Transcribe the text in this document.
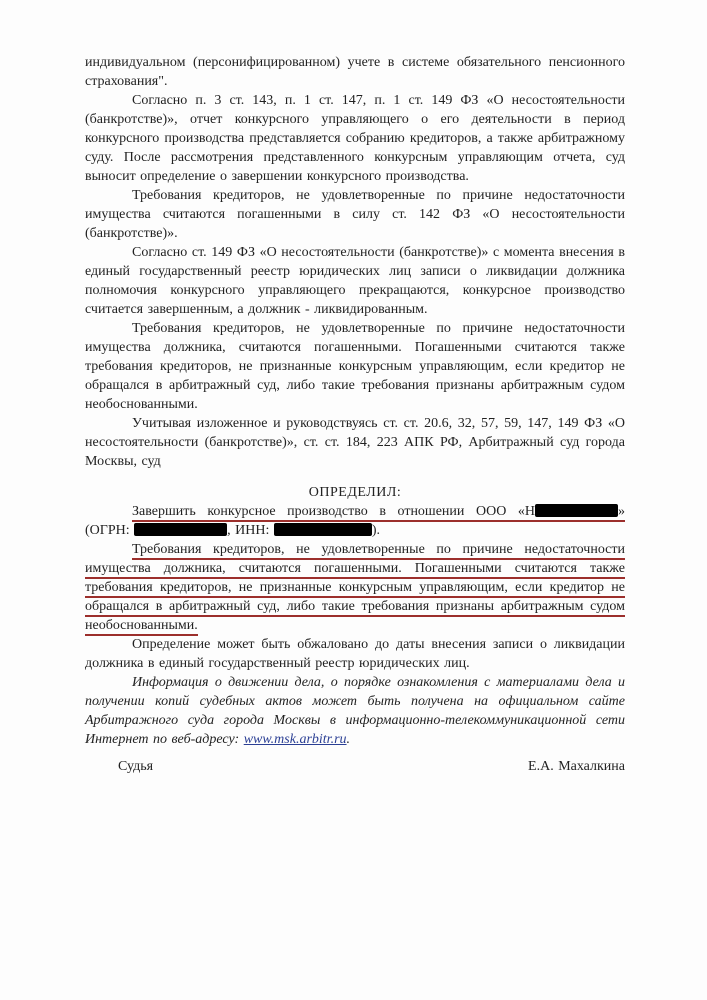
индивидуальном (персонифицированном) учете в системе обязательного пенсионного страхования".

Согласно п. 3 ст. 143, п. 1 ст. 147, п. 1 ст. 149 ФЗ «О несостоятельности (банкротстве)», отчет конкурсного управляющего о его деятельности в период конкурсного производства представляется собранию кредиторов, а также арбитражному суду. После рассмотрения представленного конкурсным управляющим отчета, суд выносит определение о завершении конкурсного производства.

Требования кредиторов, не удовлетворенные по причине недостаточности имущества считаются погашенными в силу ст. 142 ФЗ «О несостоятельности (банкротстве)».

Согласно ст. 149 ФЗ «О несостоятельности (банкротстве)» с момента внесения в единый государственный реестр юридических лиц записи о ликвидации должника полномочия конкурсного управляющего прекращаются, конкурсное производство считается завершенным, а должник - ликвидированным.

Требования кредиторов, не удовлетворенные по причине недостаточности имущества должника, считаются погашенными. Погашенными считаются также требования кредиторов, не признанные конкурсным управляющим, если кредитор не обращался в арбитражный суд, либо такие требования признаны арбитражным судом необоснованными.

Учитывая изложенное и руководствуясь ст. ст. 20.6, 32, 57, 59, 147, 149 ФЗ «О несостоятельности (банкротстве)», ст. ст. 184, 223 АПК РФ, Арбитражный суд города Москвы, суд

ОПРЕДЕЛИЛ:

Завершить конкурсное производство в отношении ООО «Н	» (ОГРН:	, ИНН:	).

Требования кредиторов, не удовлетворенные по причине недостаточности имущества должника, считаются погашенными. Погашенными считаются также требования кредиторов, не признанные конкурсным управляющим, если кредитор не обращался в арбитражный суд, либо такие требования признаны арбитражным судом необоснованными.

Определение может быть обжаловано до даты внесения записи о ликвидации должника в единый государственный реестр юридических лиц.

Информация о движении дела, о порядке ознакомления с материалами дела и получении копий судебных актов может быть получена на официальном сайте Арбитражного суда города Москвы в информационно-телекоммуникационной сети Интернет по веб-адресу: www.msk.arbitr.ru.

Судья	Е.А. Махалкина
